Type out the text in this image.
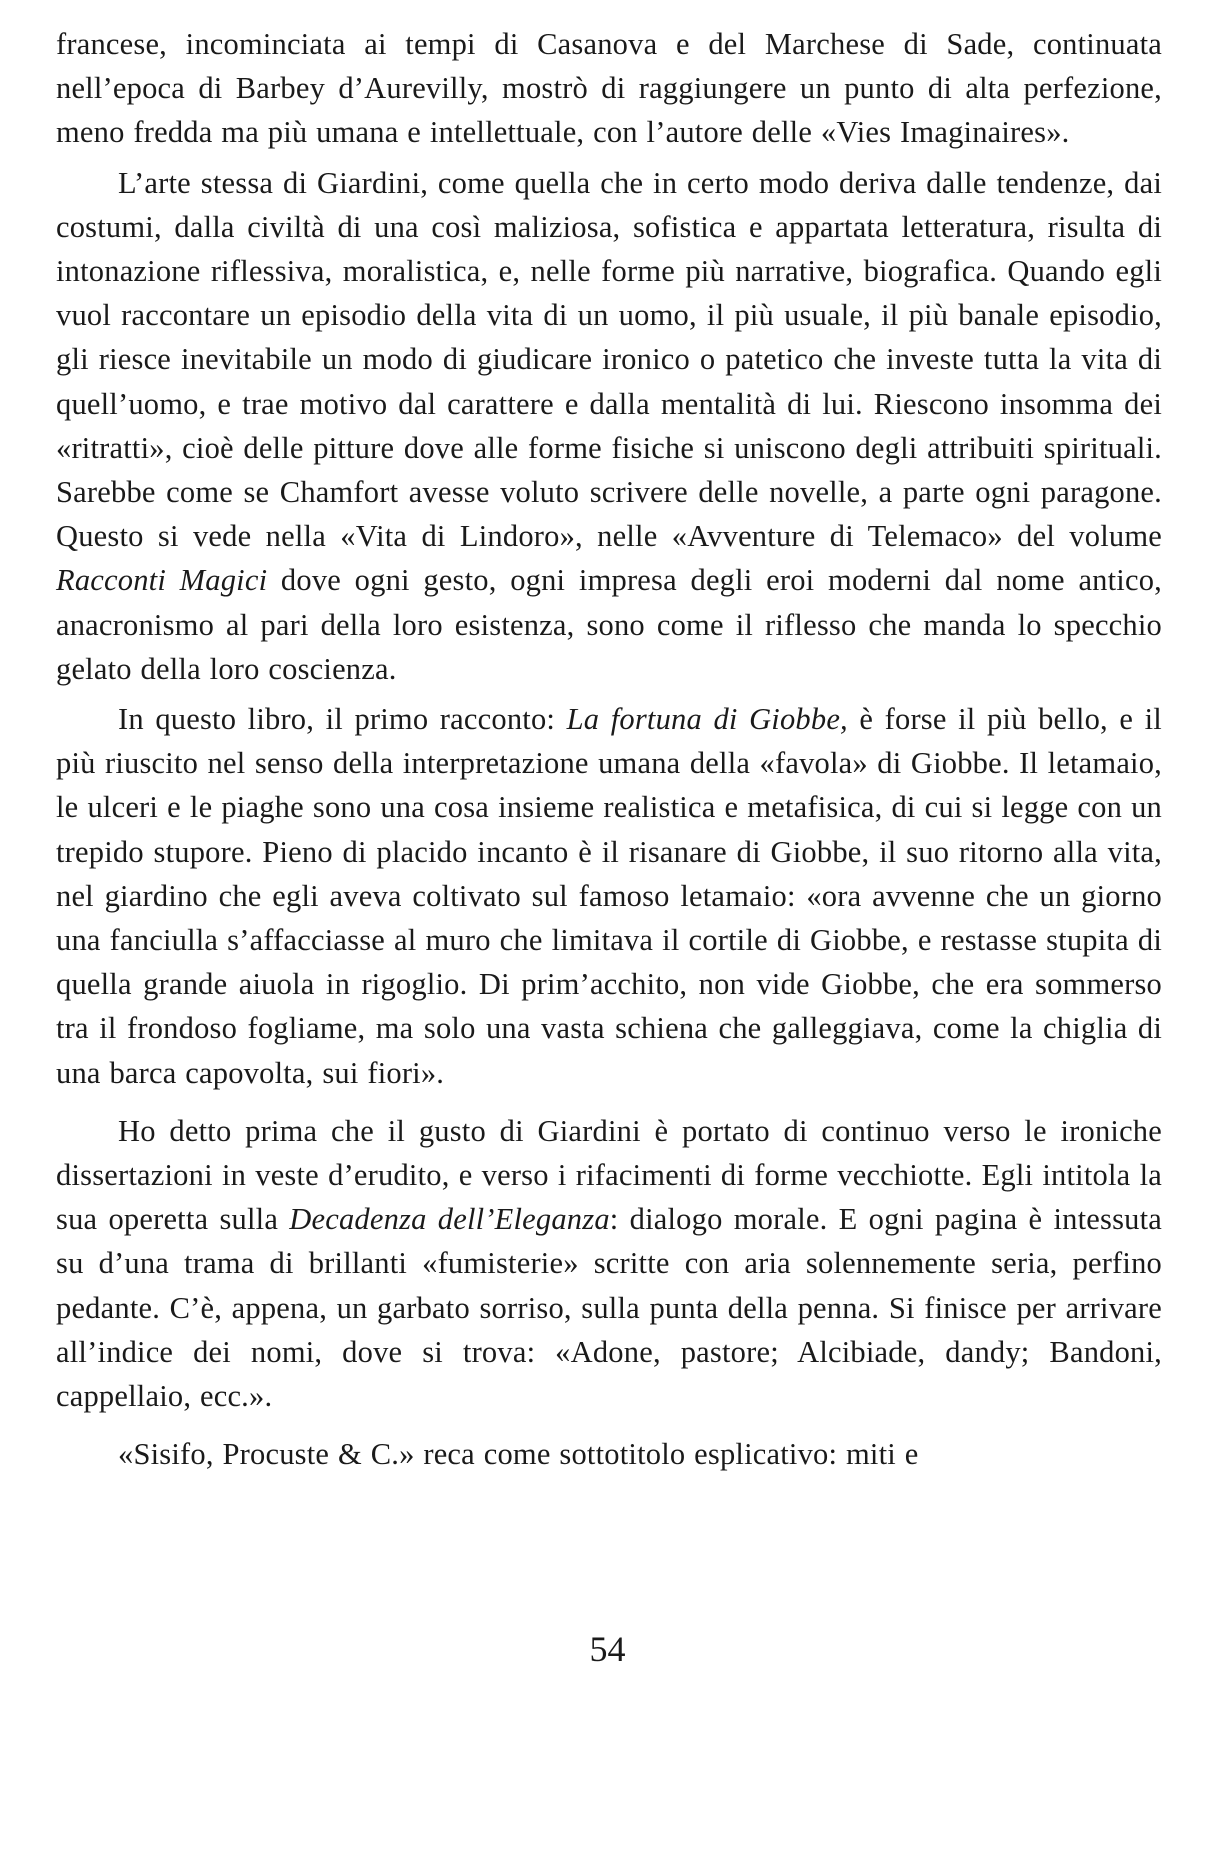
francese, incominciata ai tempi di Casanova e del Marchese di Sade, continuata nell’epoca di Barbey d’Aurevilly, mostrò di raggiungere un punto di alta perfezione, meno fredda ma più umana e intellettuale, con l’autore delle «Vies Imaginaires».

L’arte stessa di Giardini, come quella che in certo modo deriva dalle tendenze, dai costumi, dalla civiltà di una così maliziosa, sofistica e appartata letteratura, risulta di intonazione riflessiva, moralistica, e, nelle forme più narrative, biografica. Quando egli vuol raccontare un episodio della vita di un uomo, il più usuale, il più banale episodio, gli riesce inevitabile un modo di giudicare ironico o patetico che investe tutta la vita di quell’uomo, e trae motivo dal carattere e dalla mentalità di lui. Riescono insomma dei «ritratti», cioè delle pitture dove alle forme fisiche si uniscono degli attribuiti spirituali. Sarebbe come se Chamfort avesse voluto scrivere delle novelle, a parte ogni paragone. Questo si vede nella «Vita di Lindoro», nelle «Avventure di Telemaco» del volume Racconti Magici dove ogni gesto, ogni impresa degli eroi moderni dal nome antico, anacronismo al pari della loro esistenza, sono come il riflesso che manda lo specchio gelato della loro coscienza.

In questo libro, il primo racconto: La fortuna di Giobbe, è forse il più bello, e il più riuscito nel senso della interpretazione umana della «favola» di Giobbe. Il letamaio, le ulceri e le piaghe sono una cosa insieme realistica e metafisica, di cui si legge con un trepido stupore. Pieno di placido incanto è il risanare di Giobbe, il suo ritorno alla vita, nel giardino che egli aveva coltivato sul famoso letamaio: «ora avvenne che un giorno una fanciulla s’affacciasse al muro che limitava il cortile di Giobbe, e restasse stupita di quella grande aiuola in rigoglio. Di prim’acchito, non vide Giobbe, che era sommerso tra il frondoso fogliame, ma solo una vasta schiena che galleggiava, come la chiglia di una barca capovolta, sui fiori».

Ho detto prima che il gusto di Giardini è portato di continuo verso le ironiche dissertazioni in veste d’erudito, e verso i rifacimenti di forme vecchiotte. Egli intitola la sua operetta sulla Decadenza dell’Eleganza: dialogo morale. E ogni pagina è intessuta su d’una trama di brillanti «fumisterie» scritte con aria solennemente seria, perfino pedante. C’è, appena, un garbato sorriso, sulla punta della penna. Si finisce per arrivare all’indice dei nomi, dove si trova: «Adone, pastore; Alcibiade, dandy; Bandoni, cappellaio, ecc.».

«Sisifo, Procuste & C.» reca come sottotitolo esplicativo: miti e

54
